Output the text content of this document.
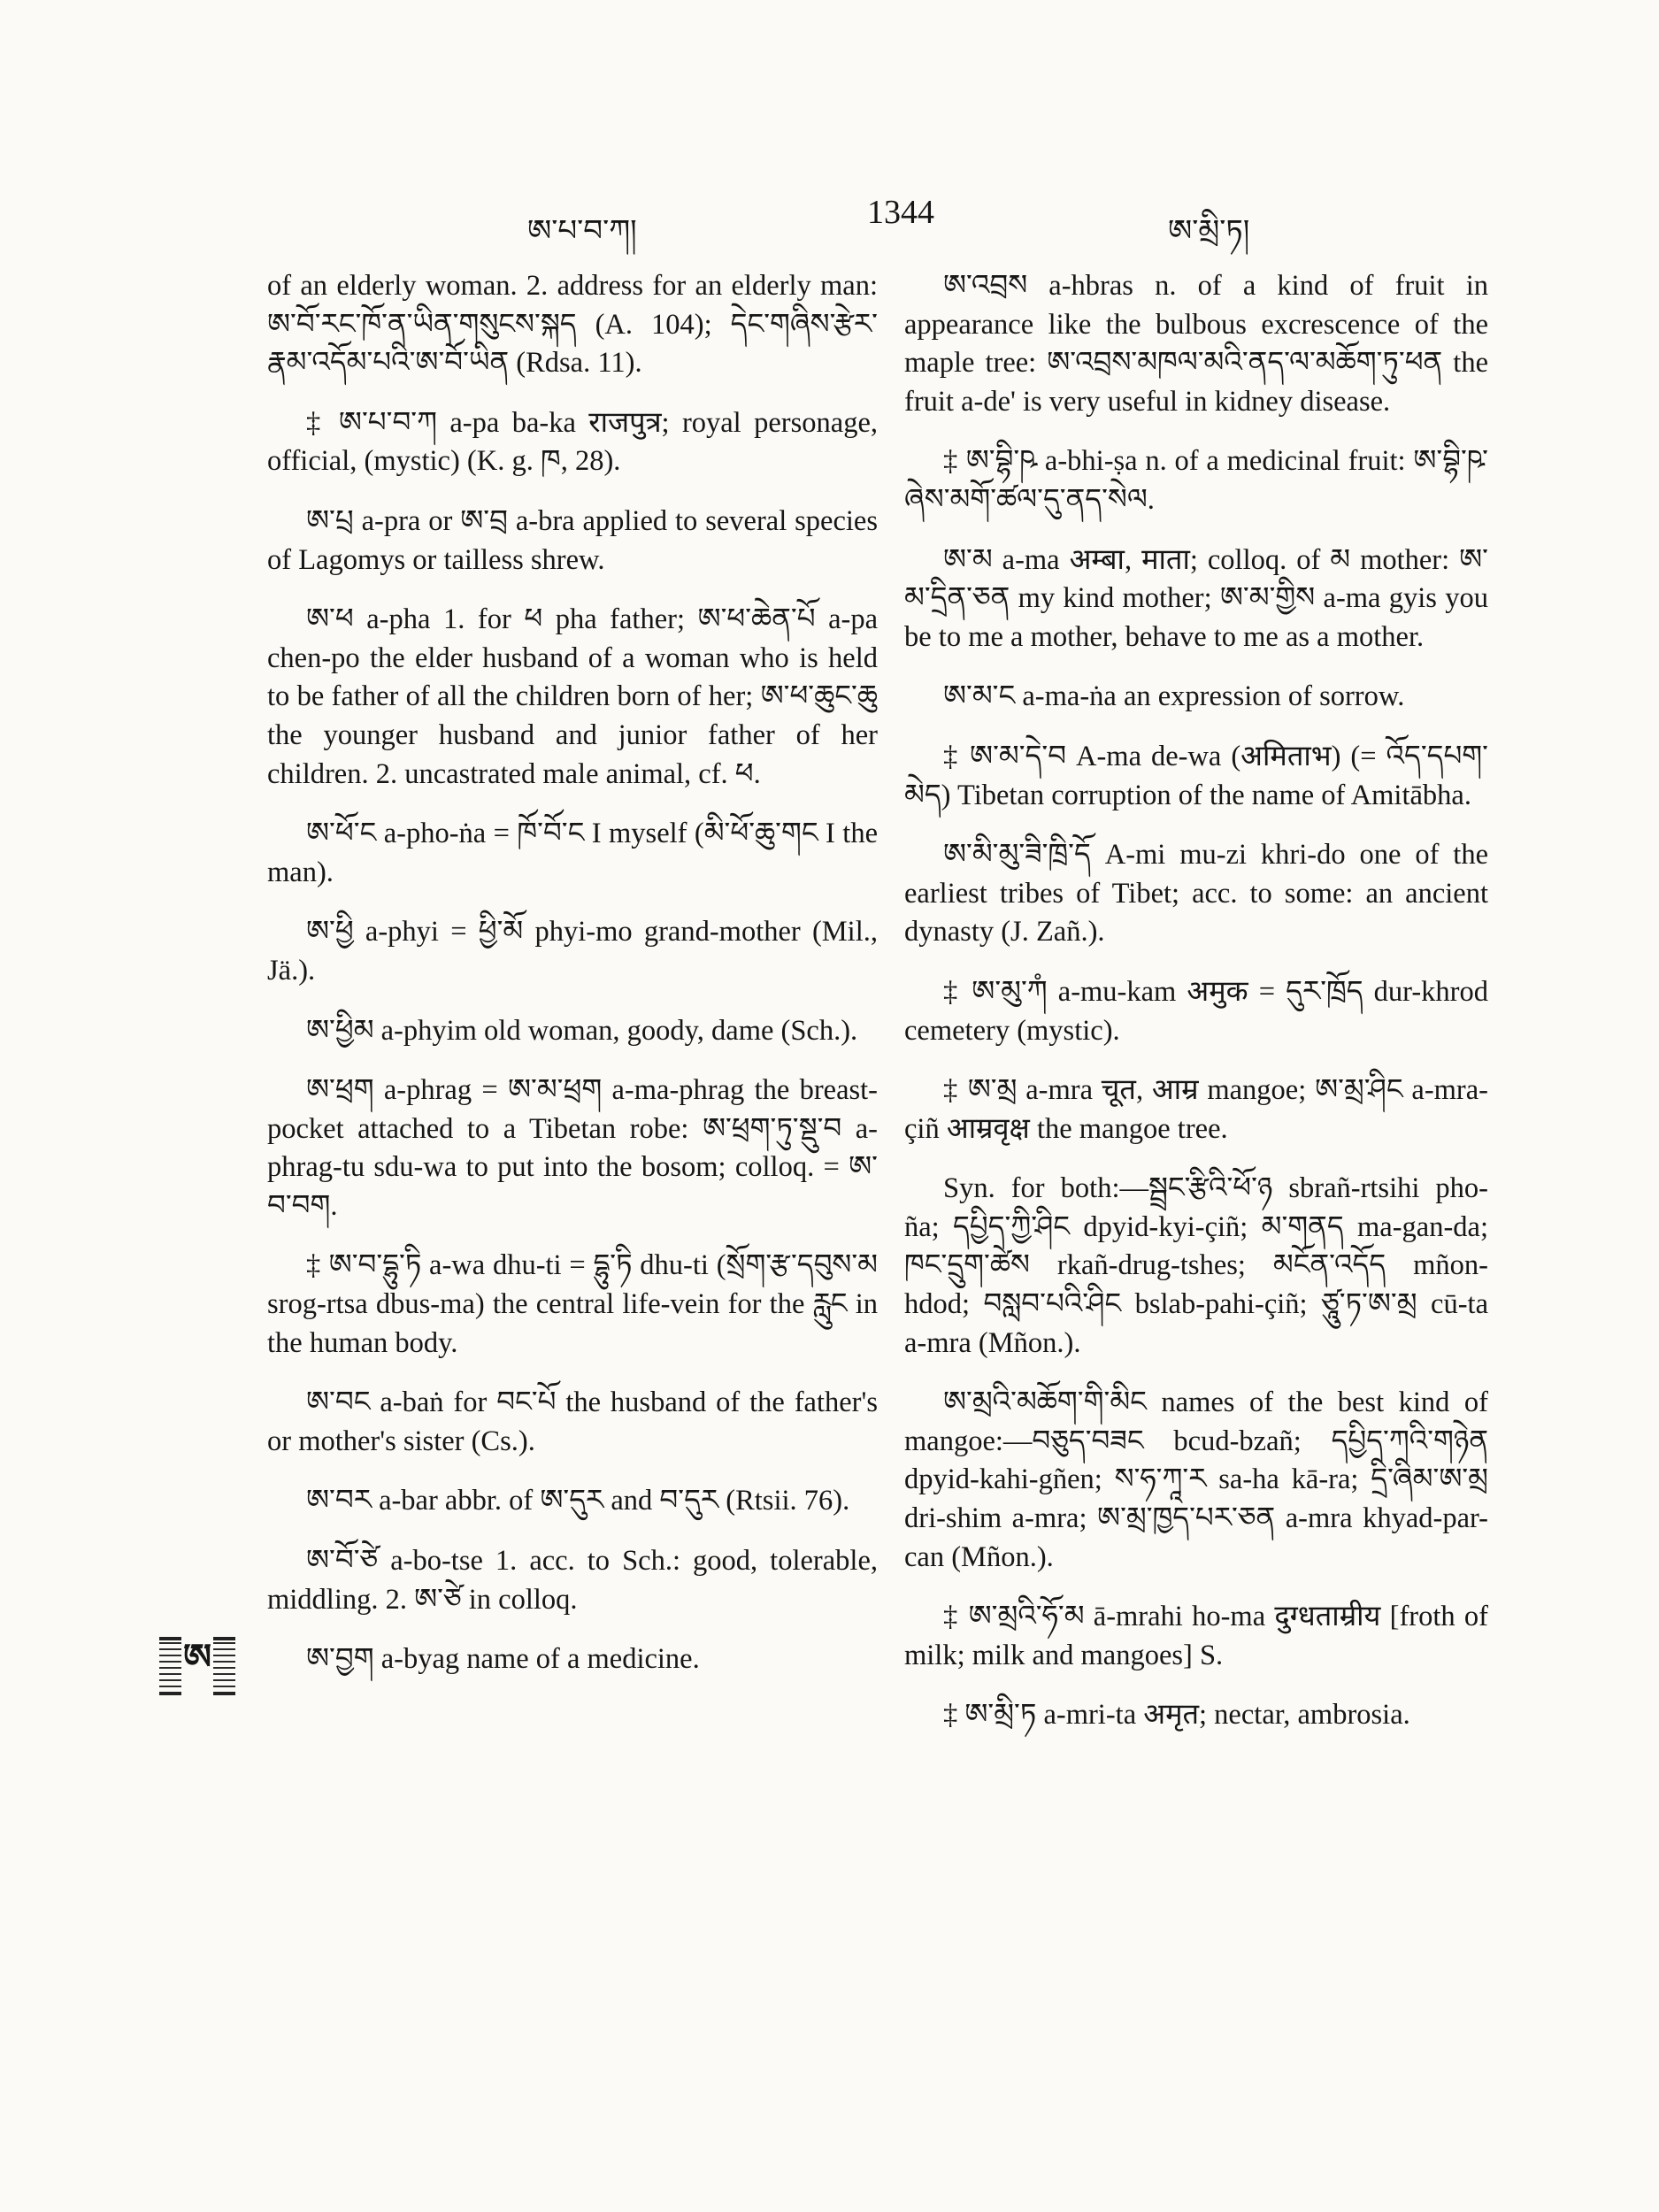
ཨ་པ་བ་ཀ།	1344	ཨ་མྲི་ཏ།
ཨ

of an elderly woman. 2. address for an elderly man: ཨ་བོ་རང་ཁོ་ན་ཡིན་གསུངས་སྐད (A. 104); དེང་གཞིས་རྩེར་རྣམ་འདོམ་པའི་ཨ་བོ་ཡིན (Rdsa. 11).

‡ ཨ་པ་བ་ཀ a-pa ba-ka राजपुत्र; royal personage, official, (mystic) (K. g. ཁ, 28).

ཨ་པྲ a-pra or ཨ་བྲ a-bra applied to several species of Lagomys or tailless shrew.

ཨ་ཕ a-pha 1. for ཕ pha father; ཨ་ཕ་ཆེན་པོ a-pa chen-po the elder husband of a woman who is held to be father of all the children born of her; ཨ་ཕ་ཆུང་ཆུ the younger husband and junior father of her children. 2. uncastrated male animal, cf. ཕ.

ཨ་ཕོ་ང a-pho-ṅa = ཁོ་བོ་ང I myself (མི་ཕོ་ཆུ་གང I the man).

ཨ་ཕྱི a-phyi = ཕྱི་མོ phyi-mo grand-mother (Mil., Jä.).

ཨ་ཕྱིམ a-phyim old woman, goody, dame (Sch.).

ཨ་ཕྲག a-phrag = ཨ་མ་ཕྲག a-ma-phrag the breast-pocket attached to a Tibetan robe: ཨ་ཕྲག་ཏུ་སྡུ་བ a-phrag-tu sdu-wa to put into the bosom; colloq. = ཨ་བ་བག.

‡ ཨ་བ་དྷུ་ཏི a-wa dhu-ti = དྷུ་ཏི dhu-ti (སྲོག་རྩ་དབུས་མ srog-rtsa dbus-ma) the central life-vein for the རླུང in the human body.

ཨ་བང a-baṅ for བང་པོ the husband of the father's or mother's sister (Cs.).

ཨ་བར a-bar abbr. of ཨ་དུར and བ་དུར (Rtsii. 76).

ཨ་བོ་ཙེ a-bo-tse 1. acc. to Sch.: good, tolerable, middling. 2. ཨ་ཙེ in colloq.

ཨ་བྱག a-byag name of a medicine.

ཨ་འབྲས a-hbras n. of a kind of fruit in appearance like the bulbous excrescence of the maple tree: ཨ་འབྲས་མཁལ་མའི་ནད་ལ་མཆོག་ཏུ་ཕན the fruit a-de' is very useful in kidney disease.

‡ ཨ་བྷི་ཥ a-bhi-ṣa n. of a medicinal fruit: ཨ་བྷི་ཥ་ཞེས་མགོ་ཚལ་དུ་ནད་སེལ.

ཨ་མ a-ma अम्बा, माता; colloq. of མ mother: ཨ་མ་དྲིན་ཅན my kind mother; ཨ་མ་གྱིས a-ma gyis you be to me a mother, behave to me as a mother.

ཨ་མ་ང a-ma-ṅa an expression of sorrow.

‡ ཨ་མ་དེ་བ A-ma de-wa (अमिताभ) (= འོད་དཔག་མེད) Tibetan corruption of the name of Amitābha.

ཨ་མི་མུ་ཟི་ཁྲི་དོ A-mi mu-zi khri-do one of the earliest tribes of Tibet; acc. to some: an ancient dynasty (J. Zañ.).

‡ ཨ་མུ་ཀཾ a-mu-kam अमुक = དུར་ཁྲོད dur-khrod cemetery (mystic).

‡ ཨ་མྲ a-mra चूत, आम्र mangoe; ཨ་མྲ་ཤིང a-mra-çiñ आम्रवृक्ष the mangoe tree.

Syn. for both:—སྦྲང་རྩིའི་ཕོ་ཉ sbrañ-rtsihi pho-ña; དཔྱིད་ཀྱི་ཤིང dpyid-kyi-çiñ; མ་གནད ma-gan-da; ཁང་དྲུག་ཚེས rkañ-drug-tshes; མངོན་འདོད mñon-hdod; བསླབ་པའི་ཤིང bslab-pahi-çiñ; ཙཱུ་ཏ་ཨ་མྲ cū-ta a-mra (Mñon.).

ཨ་མྲའི་མཆོག་གི་མིང names of the best kind of mangoe:—བཅུད་བཟང bcud-bzañ; དཔྱིད་ཀའི་གཉེན dpyid-kahi-gñen; ས་ཧ་ཀཱ་ར sa-ha kā-ra; དྲི་ཞིམ་ཨ་མྲ dri-shim a-mra; ཨ་མྲ་ཁྱད་པར་ཅན a-mra khyad-par-can (Mñon.).

‡ ཨ་མྲའི་ཧོ་མ ā-mrahi ho-ma दुग्धताम्रीय [froth of milk; milk and mangoes] S.

‡ ཨ་མྲི་ཏ a-mri-ta अमृत; nectar, ambrosia.
